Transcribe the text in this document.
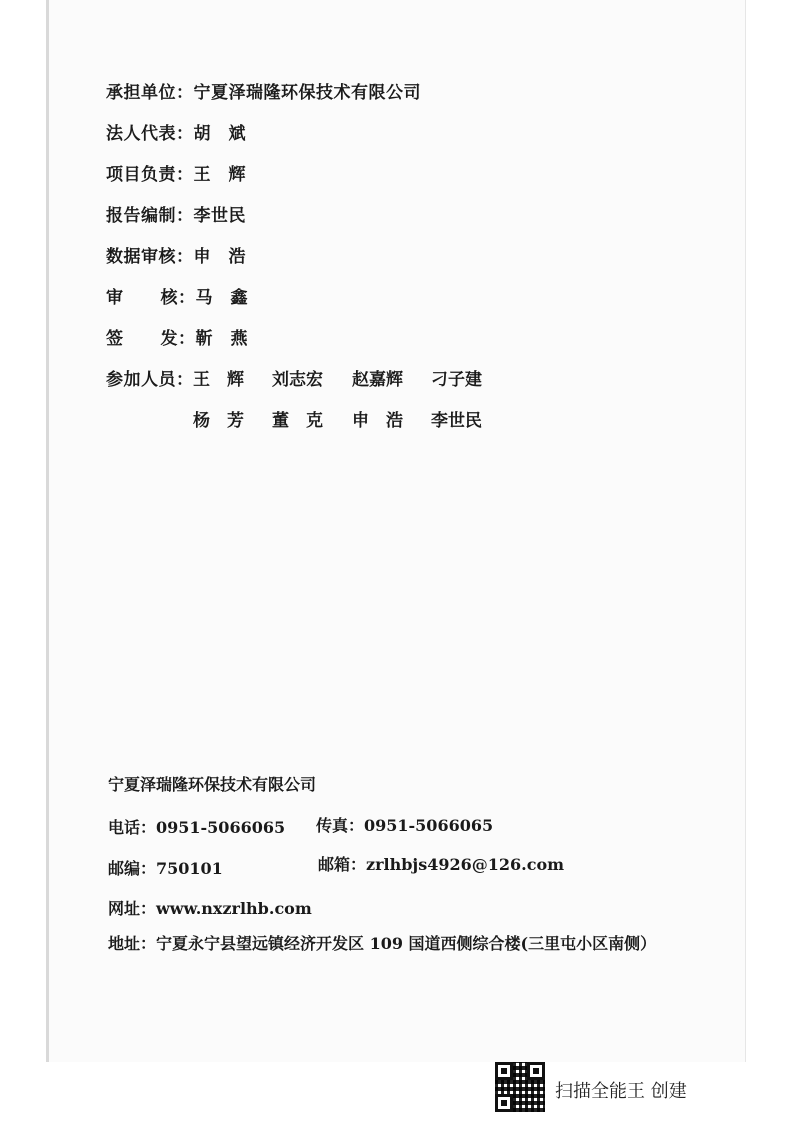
承担单位：宁夏泽瑞隆环保技术有限公司
法人代表：胡　斌
项目负责：王　辉
报告编制：李世民
数据审核：申　浩
审核：马　鑫
签发：靳　燕
参加人员： 王　辉 刘志宏 赵嘉辉 刁子建
杨　芳 董　克 申　浩 李世民
宁夏泽瑞隆环保技术有限公司
电话：0951-5066065 传真：0951-5066065
邮编：750101	邮箱：zrlhbjs4926@126.com
网址：www.nxzrlhb.com
地址：宁夏永宁县望远镇经济开发区 109 国道西侧综合楼(三里屯小区南侧）
扫描全能王 创建
